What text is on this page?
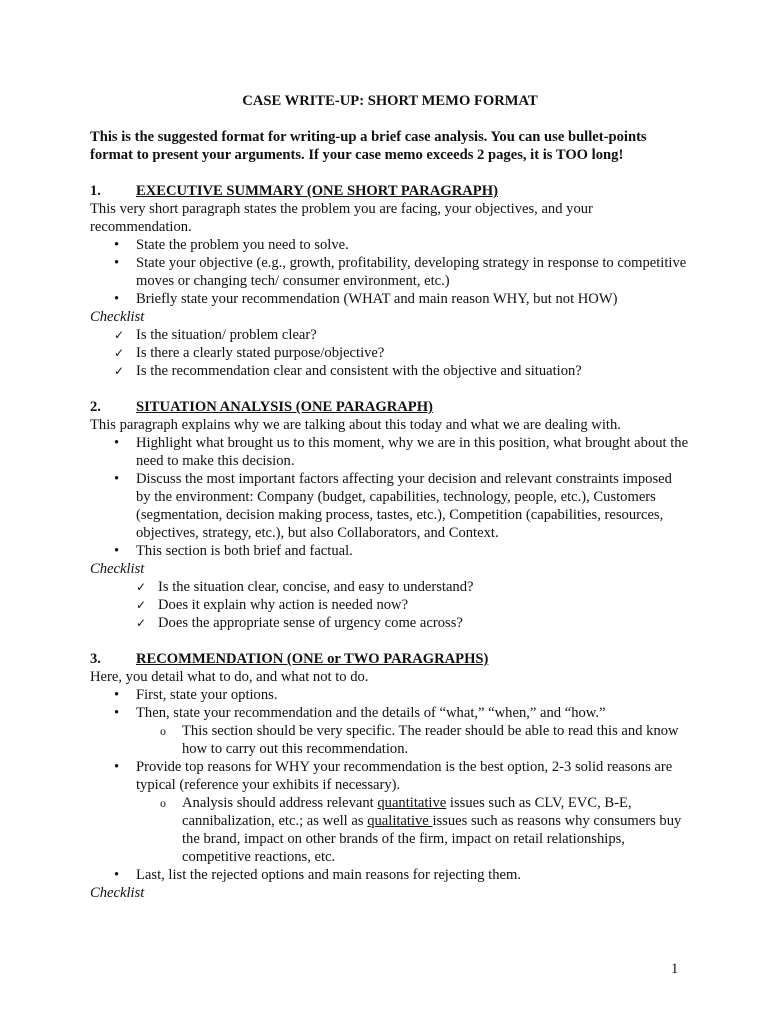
CASE WRITE-UP: SHORT MEMO FORMAT
This is the suggested format for writing-up a brief case analysis. You can use bullet-points format to present your arguments. If your case memo exceeds 2 pages, it is TOO long!
1.	EXECUTIVE SUMMARY (ONE SHORT PARAGRAPH)
This very short paragraph states the problem you are facing, your objectives, and your recommendation.
• State the problem you need to solve.
• State your objective (e.g., growth, profitability, developing strategy in response to competitive moves or changing tech/ consumer environment, etc.)
• Briefly state your recommendation (WHAT and main reason WHY, but not HOW)
Checklist
✓ Is the situation/ problem clear?
✓ Is there a clearly stated purpose/objective?
✓ Is the recommendation clear and consistent with the objective and situation?
2.	SITUATION ANALYSIS (ONE PARAGRAPH)
This paragraph explains why we are talking about this today and what we are dealing with.
• Highlight what brought us to this moment, why we are in this position, what brought about the need to make this decision.
• Discuss the most important factors affecting your decision and relevant constraints imposed by the environment: Company (budget, capabilities, technology, people, etc.), Customers (segmentation, decision making process, tastes, etc.), Competition (capabilities, resources, objectives, strategy, etc.), but also Collaborators, and Context.
• This section is both brief and factual.
Checklist
✓ Is the situation clear, concise, and easy to understand?
✓ Does it explain why action is needed now?
✓ Does the appropriate sense of urgency come across?
3.	RECOMMENDATION (ONE or TWO PARAGRAPHS)
Here, you detail what to do, and what not to do.
• First, state your options.
• Then, state your recommendation and the details of “what,” “when,” and “how.”
o This section should be very specific. The reader should be able to read this and know how to carry out this recommendation.
• Provide top reasons for WHY your recommendation is the best option, 2-3 solid reasons are typical (reference your exhibits if necessary).
o Analysis should address relevant quantitative issues such as CLV, EVC, B-E, cannibalization, etc.; as well as qualitative issues such as reasons why consumers buy the brand, impact on other brands of the firm, impact on retail relationships, competitive reactions, etc.
• Last, list the rejected options and main reasons for rejecting them.
Checklist
1
